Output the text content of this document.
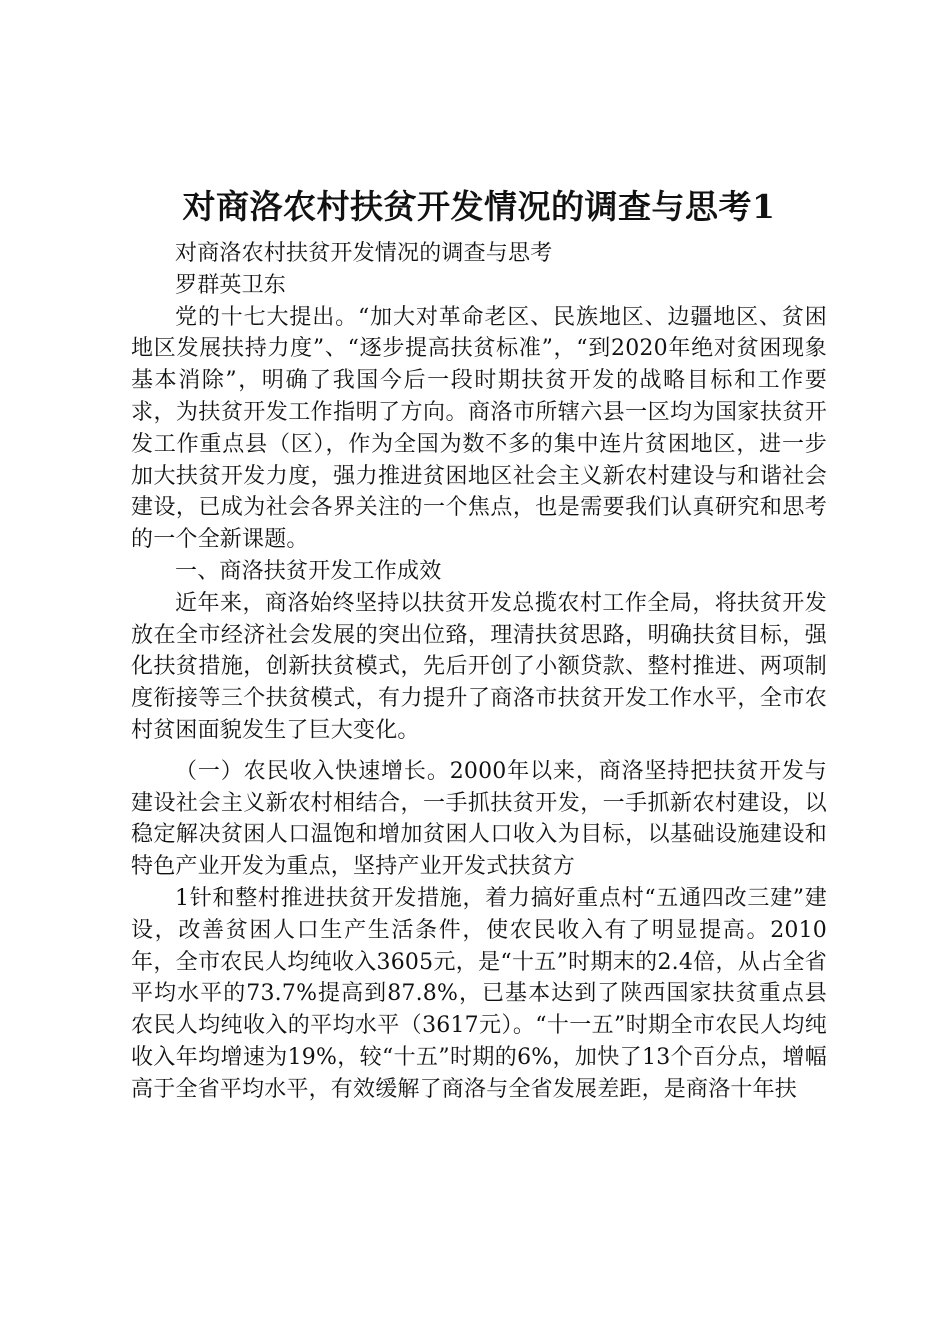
对商洛农村扶贫开发情况的调查与思考1

对商洛农村扶贫开发情况的调查与思考

罗群英卫东

党的十七大提出。“加大对革命老区、民族地区、边疆地区、贫困地区发展扶持力度”、“逐步提高扶贫标准”，“到2020年绝对贫困现象基本消除”，明确了我国今后一段时期扶贫开发的战略目标和工作要求，为扶贫开发工作指明了方向。商洛市所辖六县一区均为国家扶贫开发工作重点县（区），作为全国为数不多的集中连片贫困地区，进一步加大扶贫开发力度，强力推进贫困地区社会主义新农村建设与和谐社会建设，已成为社会各界关注的一个焦点，也是需要我们认真研究和思考的一个全新课题。

一、商洛扶贫开发工作成效

近年来，商洛始终坚持以扶贫开发总揽农村工作全局，将扶贫开发放在全市经济社会发展的突出位臵，理清扶贫思路，明确扶贫目标，强化扶贫措施，创新扶贫模式，先后开创了小额贷款、整村推进、两项制度衔接等三个扶贫模式，有力提升了商洛市扶贫开发工作水平，全市农村贫困面貌发生了巨大变化。

（一）农民收入快速增长。2000年以来，商洛坚持把扶贫开发与建设社会主义新农村相结合，一手抓扶贫开发，一手抓新农村建设，以稳定解决贫困人口温饱和增加贫困人口收入为目标，以基础设施建设和特色产业开发为重点，坚持产业开发式扶贫方

1针和整村推进扶贫开发措施，着力搞好重点村“五通四改三建”建设，改善贫困人口生产生活条件，使农民收入有了明显提高。2010年，全市农民人均纯收入3605元，是“十五”时期末的2.4倍，从占全省平均水平的73.7%提高到87.8%，已基本达到了陕西国家扶贫重点县农民人均纯收入的平均水平（3617元）。“十一五”时期全市农民人均纯收入年均增速为19%，较“十五”时期的6%，加快了13个百分点，增幅高于全省平均水平，有效缓解了商洛与全省发展差距，是商洛十年扶
